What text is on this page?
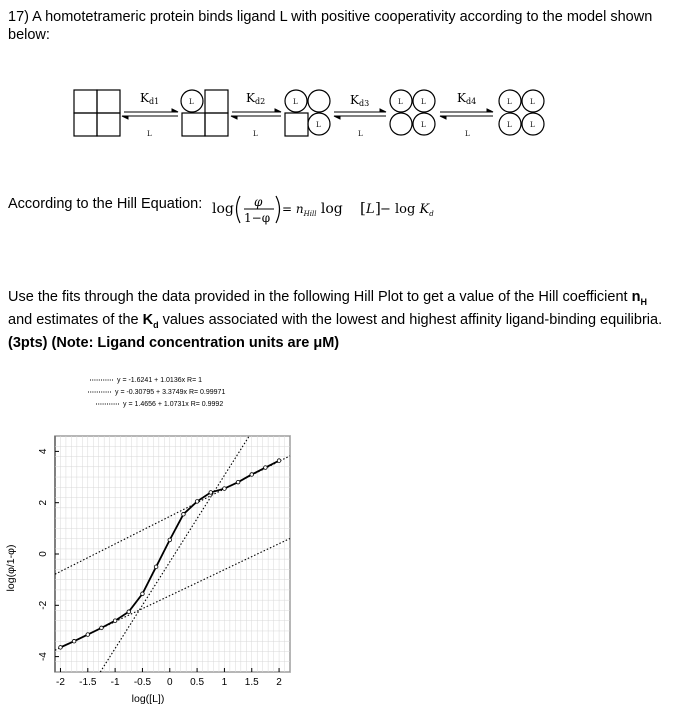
17) A homotetrameric protein binds ligand L with positive cooperativity according to the model shown below:
Kd1
L
L	Kd2
L
L
L
Kd3
L
L	L
L
Kd4
L
L	L
L	L
According to the Hill Equation: log φ
1−φ
= $n_{Hill}$ log [ L ] − $\log K_d$
Use the fits through the data provided in the following Hill Plot to get a value of the Hill coefficient $n_H$ and estimates of the $K_d$ values associated with the lowest and highest affinity ligand-binding equilibria. (3pts) (Note: Ligand concentration units are μM)
y = -1.6241 + 1.0136x R= 1
y = -0.30795 + 3.3749x R= 0.99971
y = 1.4656 + 1.0731x R= 0.9992
-2 -1.5 -1 -0.5 0 0.5 1 1.5 2
4
2
0
-2
-4
log([L])
log(φ/1-φ)
